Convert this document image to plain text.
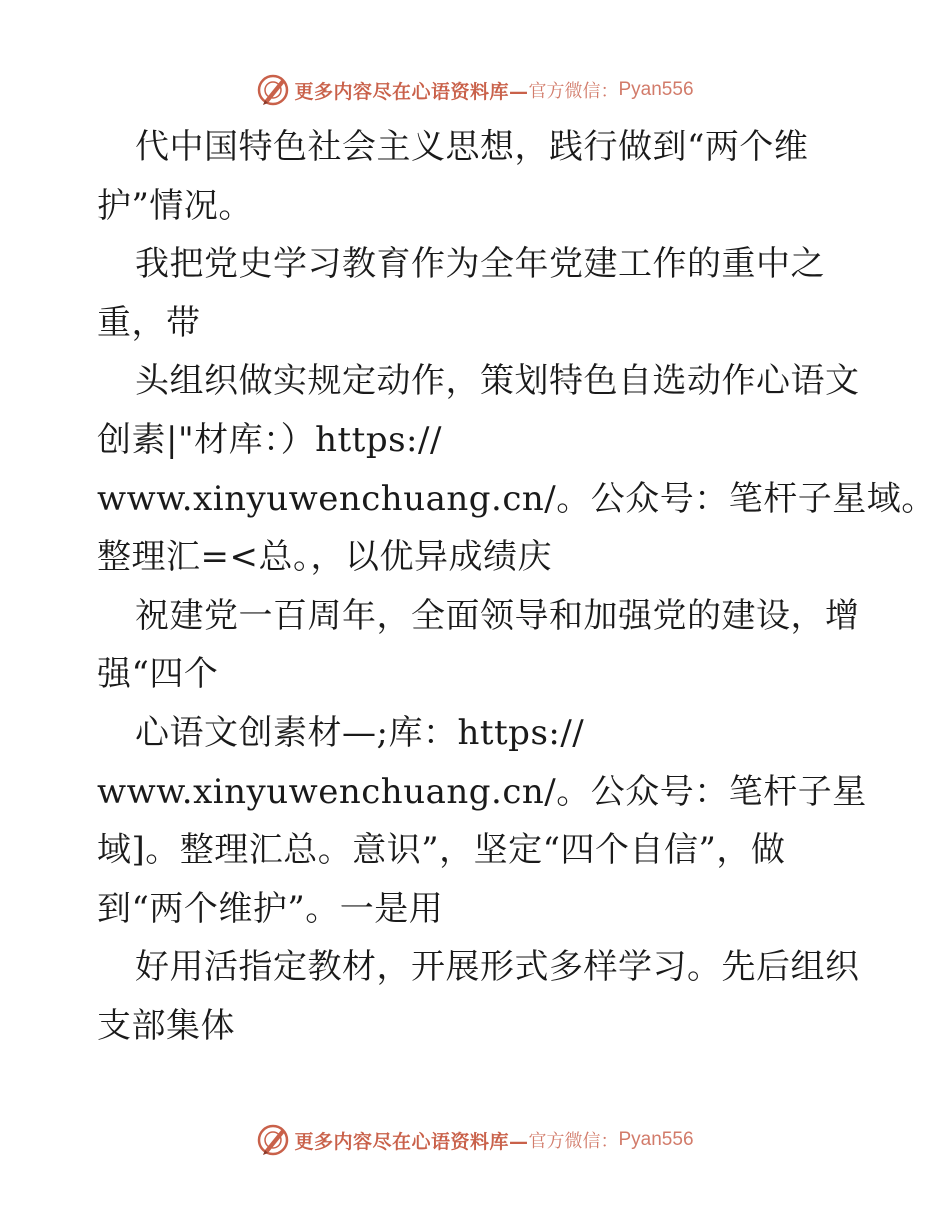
更多内容尽在心语资料库— 官方微信： Pyan556
代中国特色社会主义思想，践行做到“两个维
护”情况。
我把党史学习教育作为全年党建工作的重中之
重，带
头组织做实规定动作，策划特色自选动作心语文
创素|"材库：）https://
www.xinyuwenchuang.cn/。公众号：笔杆子星域。
整理汇=<总。，以优异成绩庆
祝建党一百周年，全面领导和加强党的建设，增
强“四个
心语文创素材—;库：https://
www.xinyuwenchuang.cn/。公众号：笔杆子星
域]。整理汇总。意识”，坚定“四个自信”，做
到“两个维护”。一是用
好用活指定教材，开展形式多样学习。先后组织
支部集体
更多内容尽在心语资料库— 官方微信： Pyan556
